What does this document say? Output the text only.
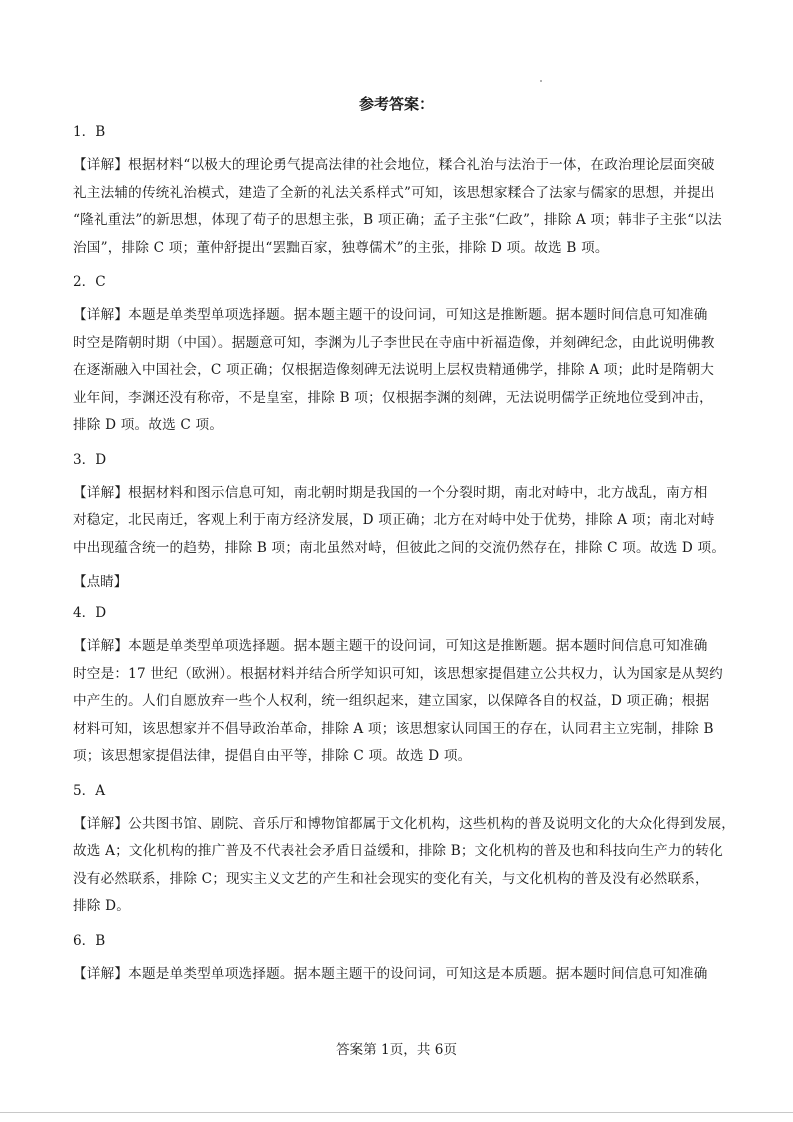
参考答案：
1．B
【详解】根据材料“以极大的理论勇气提高法律的社会地位，糅合礼治与法治于一体，在政治理论层面突破
礼主法辅的传统礼治模式，建造了全新的礼法关系样式”可知，该思想家糅合了法家与儒家的思想，并提出
“隆礼重法”的新思想，体现了荀子的思想主张，B 项正确；孟子主张“仁政”，排除 A 项；韩非子主张“以法
治国”，排除 C 项；董仲舒提出“罢黜百家，独尊儒术”的主张，排除 D 项。故选 B 项。
2．C
【详解】本题是单类型单项选择题。据本题主题干的设问词，可知这是推断题。据本题时间信息可知准确
时空是隋朝时期（中国）。据题意可知，李渊为儿子李世民在寺庙中祈福造像，并刻碑纪念，由此说明佛教
在逐渐融入中国社会，C 项正确；仅根据造像刻碑无法说明上层权贵精通佛学，排除 A 项；此时是隋朝大
业年间，李渊还没有称帝，不是皇室，排除 B 项；仅根据李渊的刻碑，无法说明儒学正统地位受到冲击，
排除 D 项。故选 C 项。
3．D
【详解】根据材料和图示信息可知，南北朝时期是我国的一个分裂时期，南北对峙中，北方战乱，南方相
对稳定，北民南迁，客观上利于南方经济发展，D 项正确；北方在对峙中处于优势，排除 A 项；南北对峙
中出现蕴含统一的趋势，排除 B 项；南北虽然对峙，但彼此之间的交流仍然存在，排除 C 项。故选 D 项。
【点睛】
4．D
【详解】本题是单类型单项选择题。据本题主题干的设问词，可知这是推断题。据本题时间信息可知准确
时空是：17 世纪（欧洲）。根据材料并结合所学知识可知，该思想家提倡建立公共权力，认为国家是从契约
中产生的。人们自愿放弃一些个人权利，统一组织起来，建立国家，以保障各自的权益，D 项正确；根据
材料可知，该思想家并不倡导政治革命，排除 A 项；该思想家认同国王的存在，认同君主立宪制，排除 B
项；该思想家提倡法律，提倡自由平等，排除 C 项。故选 D 项。
5．A
【详解】公共图书馆、剧院、音乐厅和博物馆都属于文化机构，这些机构的普及说明文化的大众化得到发展，
故选 A；文化机构的推广普及不代表社会矛盾日益缓和，排除 B；文化机构的普及也和科技向生产力的转化
没有必然联系，排除 C；现实主义文艺的产生和社会现实的变化有关，与文化机构的普及没有必然联系，
排除 D。
6．B
【详解】本题是单类型单项选择题。据本题主题干的设问词，可知这是本质题。据本题时间信息可知准确
答案第 1页，共 6页
